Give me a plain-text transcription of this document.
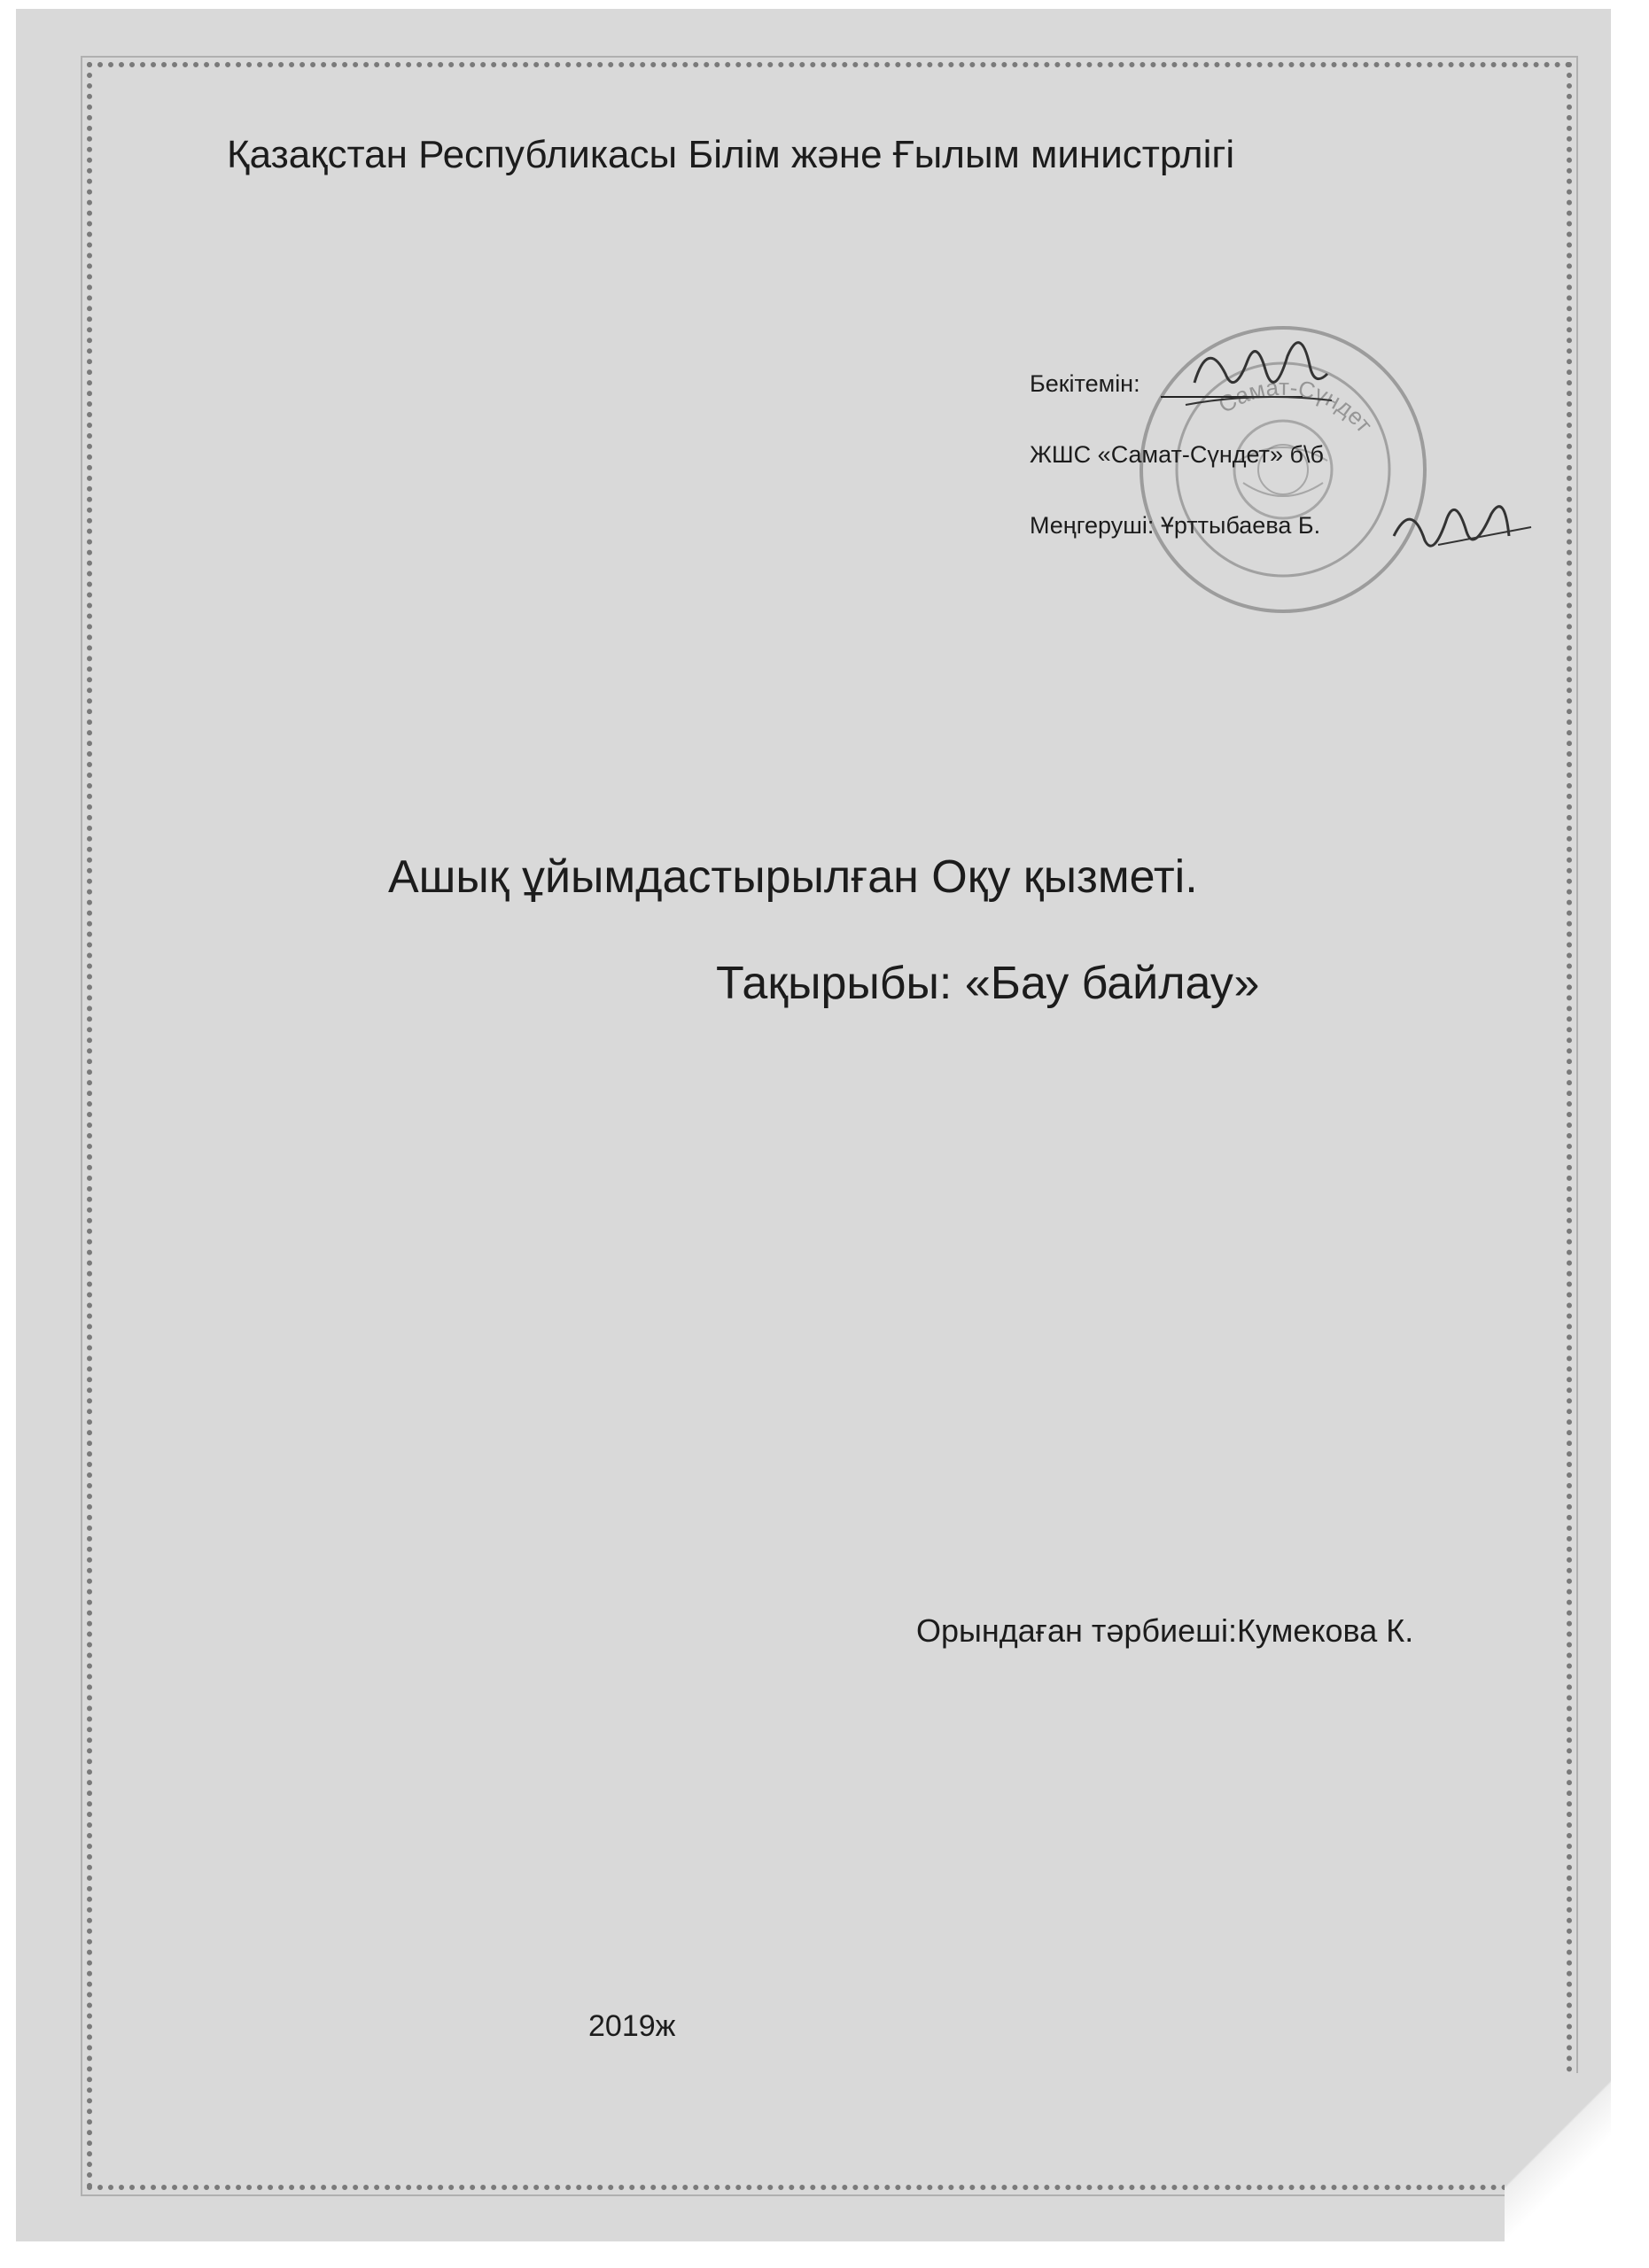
Қазақстан Республикасы Білім және Ғылым министрлігі

Самат-Сүндет

Бекітемін:

ЖШС «Самат-Сүндет» б\б

Меңгеруші: Ұрттыбаева Б.

Ашық ұйымдастырылған Оқу қызметі.

Тақырыбы: «Бау байлау»

Орындаған тәрбиеші:Кумекова К.

2019ж
